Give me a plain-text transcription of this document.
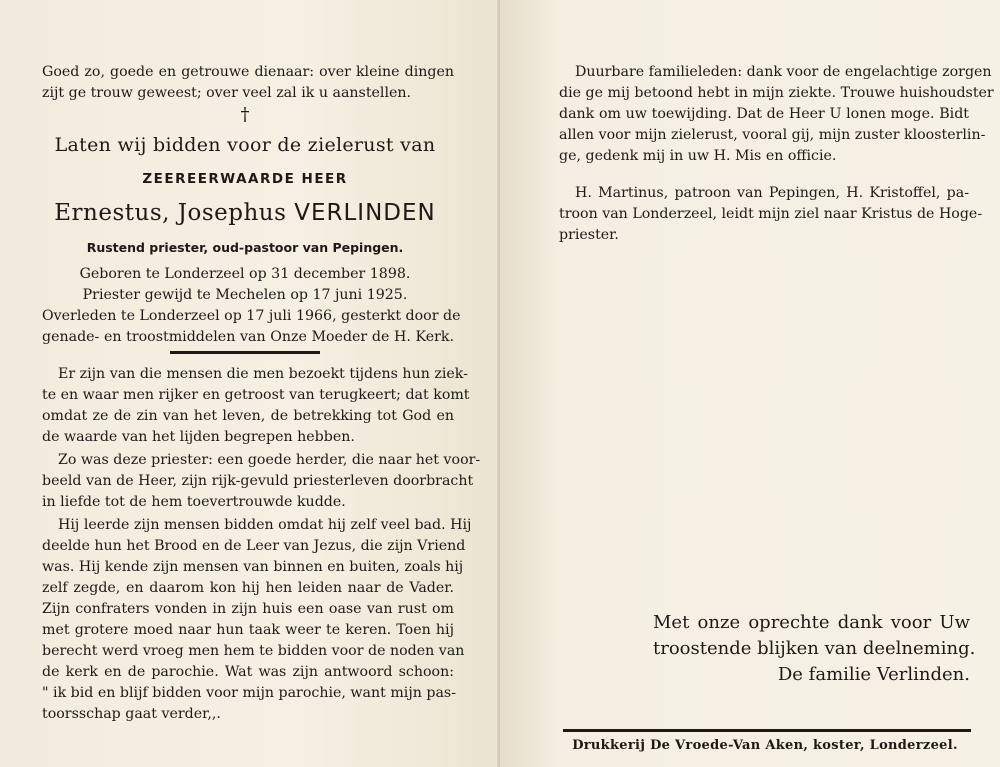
Goed zo, goede en getrouwe dienaar: over kleine dingen
zijt ge trouw geweest; over veel zal ik u aanstellen.
†
Laten wij bidden voor de zielerust van
ZEEREERWAARDE HEER
Ernestus, Josephus VERLINDEN
Rustend priester, oud-pastoor van Pepingen.
Geboren te Londerzeel op 31 december 1898.
Priester gewijd te Mechelen op 17 juni 1925.
Overleden te Londerzeel op 17 juli 1966, gesterkt door de
genade- en troostmiddelen van Onze Moeder de H. Kerk.
Er zijn van die mensen die men bezoekt tijdens hun ziek-
te en waar men rijker en getroost van terugkeert; dat komt
omdat ze de zin van het leven, de betrekking tot God en
de waarde van het lijden begrepen hebben.
Zo was deze priester: een goede herder, die naar het voor-
beeld van de Heer, zijn rijk-gevuld priesterleven doorbracht
in liefde tot de hem toevertrouwde kudde.
Hij leerde zijn mensen bidden omdat hij zelf veel bad. Hij
deelde hun het Brood en de Leer van Jezus, die zijn Vriend
was. Hij kende zijn mensen van binnen en buiten, zoals hij
zelf zegde, en daarom kon hij hen leiden naar de Vader.
Zijn confraters vonden in zijn huis een oase van rust om
met grotere moed naar hun taak weer te keren. Toen hij
berecht werd vroeg men hem te bidden voor de noden van
de kerk en de parochie. Wat was zijn antwoord schoon:
" ik bid en blijf bidden voor mijn parochie, want mijn pas-
toorsschap gaat verder,,.
Duurbare familieleden: dank voor de engelachtige zorgen
die ge mij betoond hebt in mijn ziekte. Trouwe huishoudster
dank om uw toewijding. Dat de Heer U lonen moge. Bidt
allen voor mijn zielerust, vooral gij, mijn zuster kloosterlin-
ge, gedenk mij in uw H. Mis en officie.
H. Martinus, patroon van Pepingen, H. Kristoffel, pa-
troon van Londerzeel, leidt mijn ziel naar Kristus de Hoge-
priester.
Met onze oprechte dank voor Uw
troostende blijken van deelneming.
De familie Verlinden.
Drukkerij De Vroede-Van Aken, koster, Londerzeel.
